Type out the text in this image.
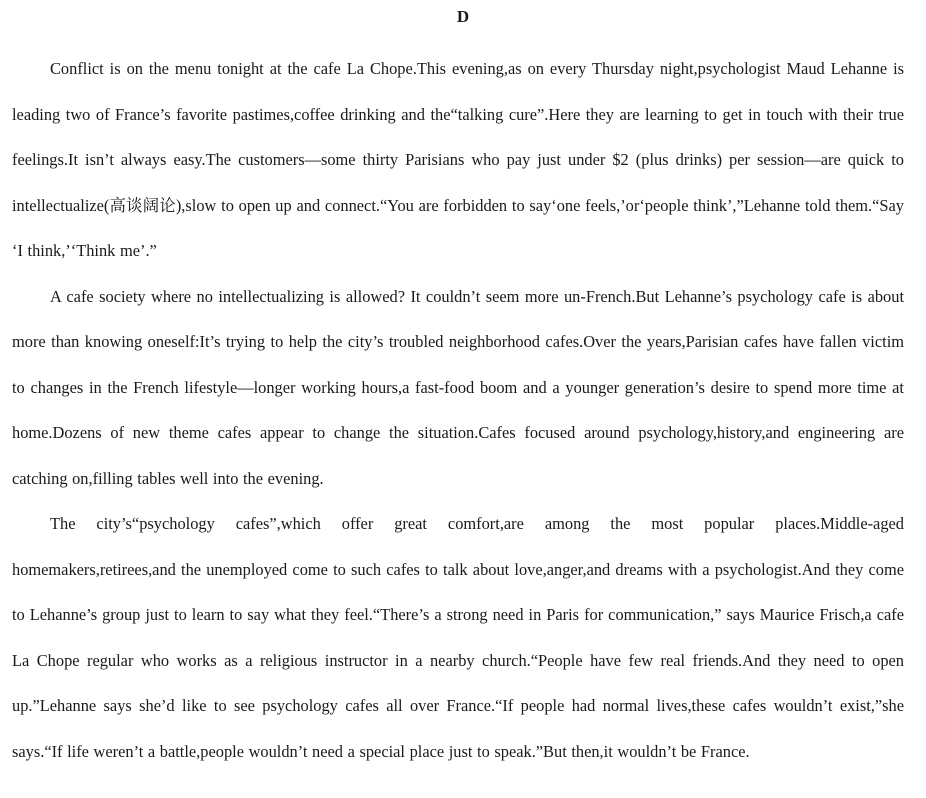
D

Conflict is on the menu tonight at the cafe La Chope.This evening,as on every Thursday night,psychologist Maud Lehanne is leading two of France’s favorite pastimes,coffee drinking and the“talking cure”.Here they are learning to get in touch with their true feelings.It isn’t always easy.The customers—some thirty Parisians who pay just under $2 (plus drinks) per session—are quick to intellectualize(高谈阔论),slow to open up and connect.“You are forbidden to say‘one feels,’or‘people think’,”Lehanne told them.“Say ‘I think,’‘Think me’.”

A cafe society where no intellectualizing is allowed? It couldn’t seem more un-French.But Lehanne’s psychology cafe is about more than knowing oneself:It’s trying to help the city’s troubled neighborhood cafes.Over the years,Parisian cafes have fallen victim to changes in the French lifestyle—longer working hours,a fast-food boom and a younger generation’s desire to spend more time at home.Dozens of new theme cafes appear to change the situation.Cafes focused around psychology,history,and engineering are catching on,filling tables well into the evening.

The city’s“psychology cafes”,which offer great comfort,are among the most popular places.Middle-aged homemakers,retirees,and the unemployed come to such cafes to talk about love,anger,and dreams with a psychologist.And they come to Lehanne’s group just to learn to say what they feel.“There’s a strong need in Paris for communication,” says Maurice Frisch,a cafe La Chope regular who works as a religious instructor in a nearby church.“People have few real friends.And they need to open up.”Lehanne says she’d like to see psychology cafes all over France.“If people had normal lives,these cafes wouldn’t exist,”she says.“If life weren’t a battle,people wouldn’t need a special place just to speak.”But then,it wouldn’t be France.
